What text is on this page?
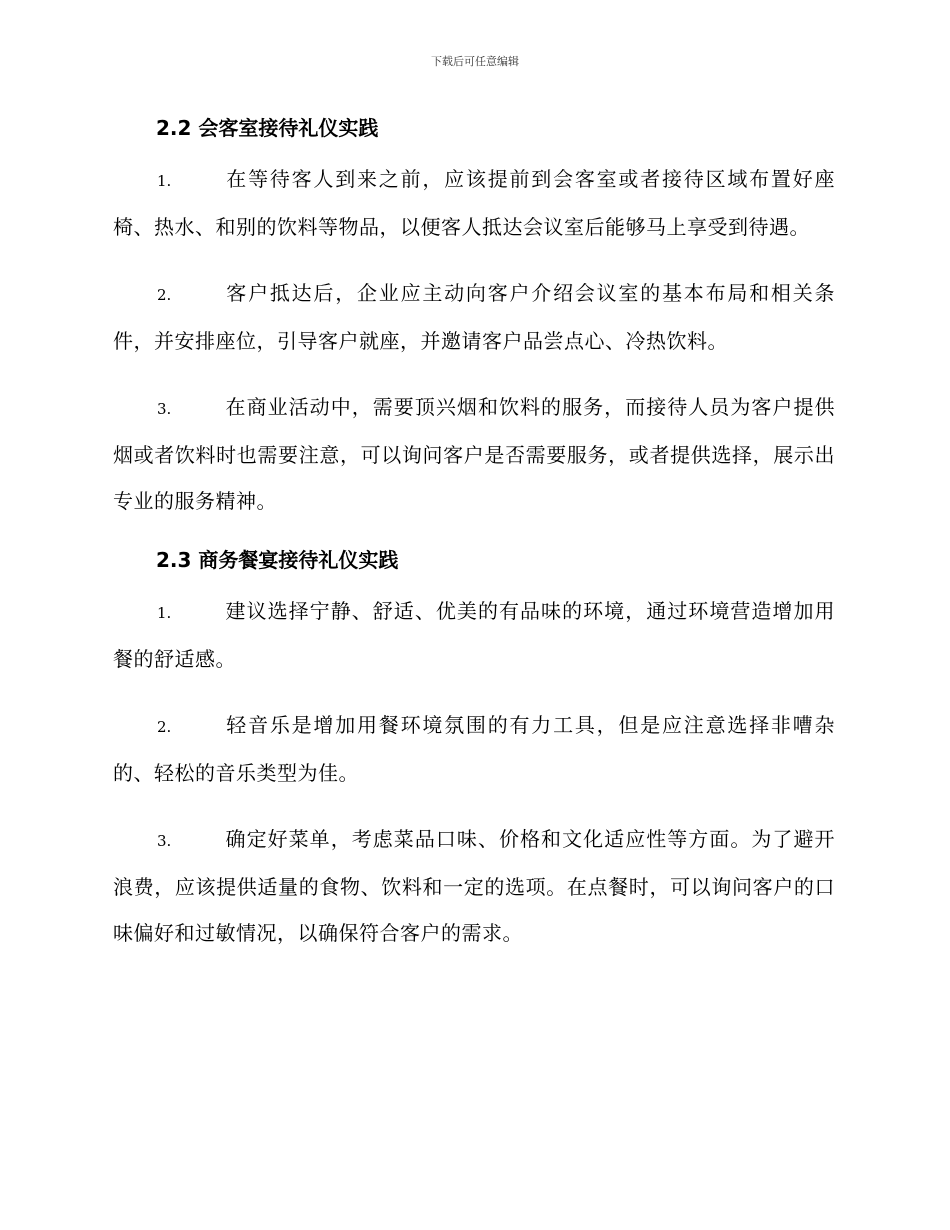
下载后可任意编辑
2.2 会客室接待礼仪实践

1.	在等待客人到来之前，应该提前到会客室或者接待区域布置好座椅、热水、和别的饮料等物品，以便客人抵达会议室后能够马上享受到待遇。

2.	客户抵达后，企业应主动向客户介绍会议室的基本布局和相关条件，并安排座位，引导客户就座，并邀请客户品尝点心、冷热饮料。

3.	在商业活动中，需要顶兴烟和饮料的服务，而接待人员为客户提供烟或者饮料时也需要注意，可以询问客户是否需要服务，或者提供选择，展示出专业的服务精神。

2.3 商务餐宴接待礼仪实践

1.	建议选择宁静、舒适、优美的有品味的环境，通过环境营造增加用餐的舒适感。

2.	轻音乐是增加用餐环境氛围的有力工具，但是应注意选择非嘈杂的、轻松的音乐类型为佳。

3.	确定好菜单，考虑菜品口味、价格和文化适应性等方面。为了避开浪费，应该提供适量的食物、饮料和一定的选项。在点餐时，可以询问客户的口味偏好和过敏情况，以确保符合客户的需求。
